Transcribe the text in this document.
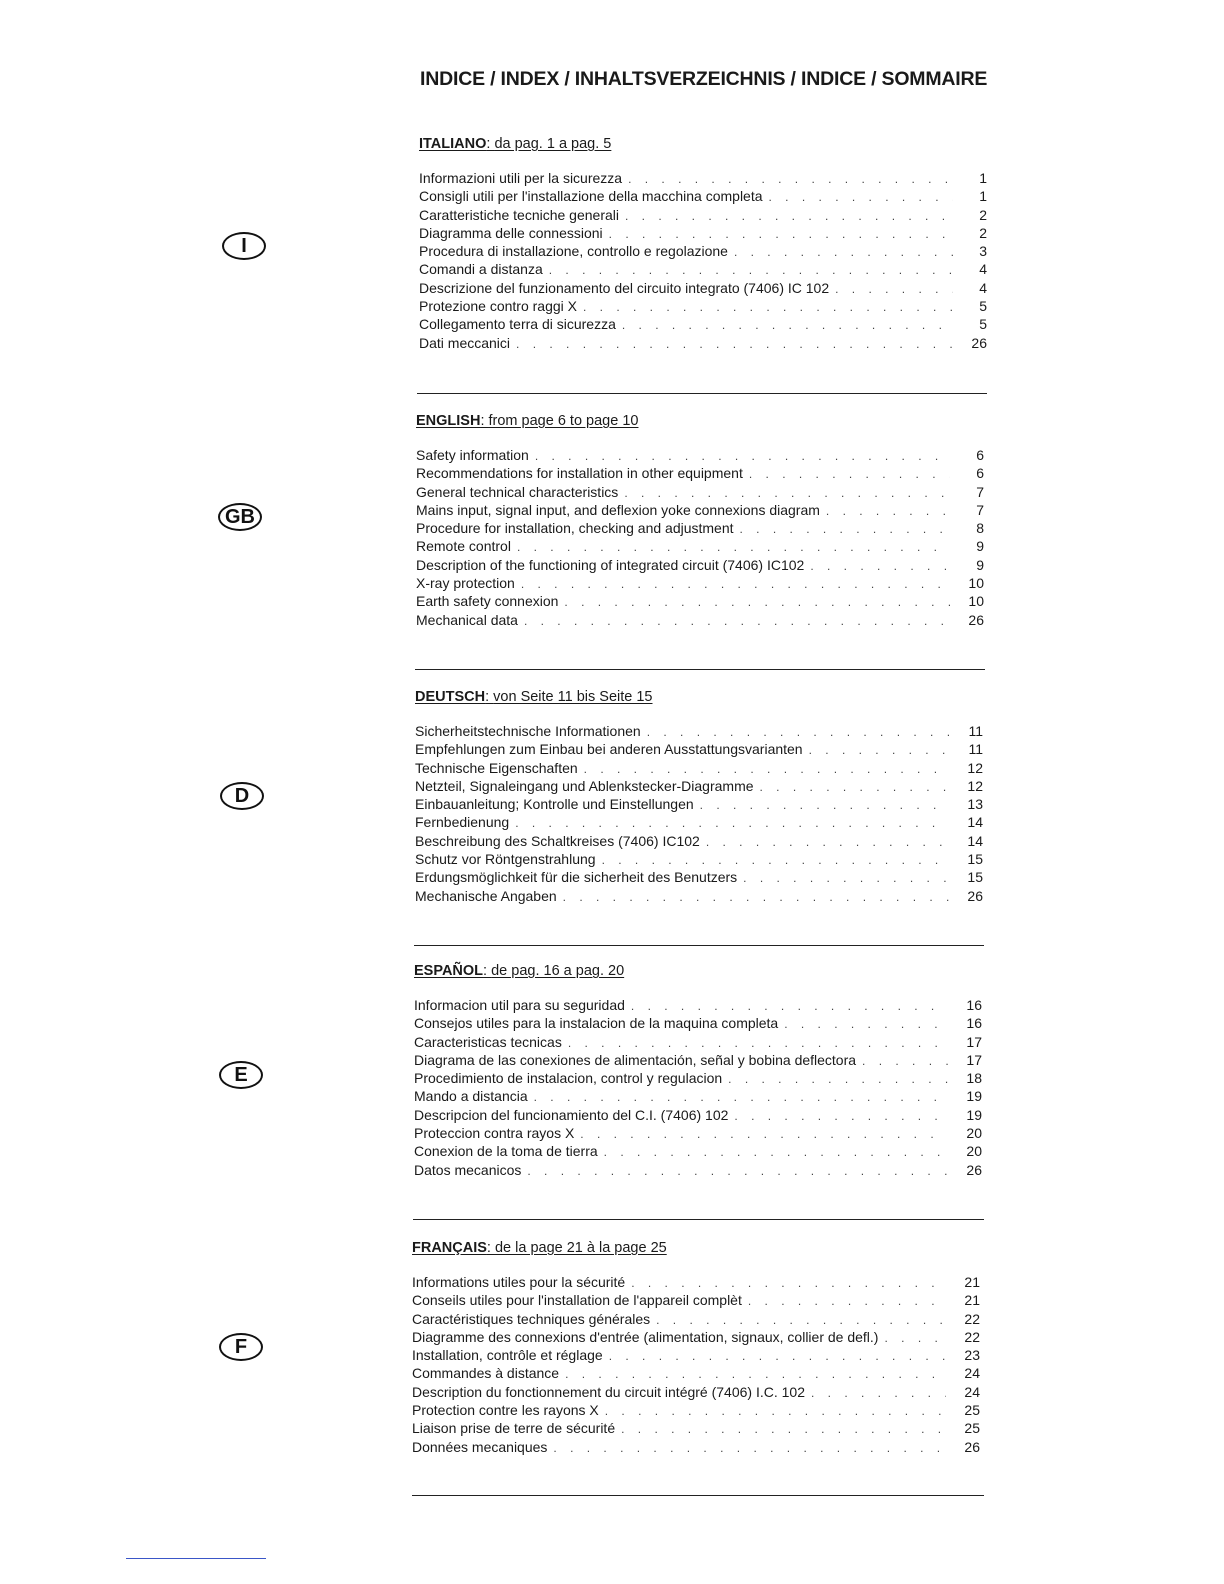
INDICE / INDEX / INHALTSVERZEICHNIS / INDICE / SOMMAIRE
I
ITALIANO: da pag. 1 a pag. 5
Informazioni utili per la sicurezza . . .	1
Consigli utili per l'installazione della macchina completa . . .	1
Caratteristiche tecniche generali . . .	2
Diagramma delle connessioni . . .	2
Procedura di installazione, controllo e regolazione . . .	3
Comandi a distanza . . .	4
Descrizione del funzionamento del circuito integrato (7406) IC 102 . . .	4
Protezione contro raggi X . . .	5
Collegamento terra di sicurezza . . .	5
Dati meccanici . . .	26
GB
ENGLISH: from page 6 to page 10
Safety information . . .	6
Recommendations for installation in other equipment . . .	6
General technical characteristics . . .	7
Mains input, signal input, and deflexion yoke connexions diagram . . .	7
Procedure for installation, checking and adjustment . . .	8
Remote control . . .	9
Description of the functioning of integrated circuit (7406) IC102 . . .	9
X-ray protection . . .	10
Earth safety connexion . . .	10
Mechanical data . . .	26
D
DEUTSCH: von Seite 11 bis Seite 15
Sicherheitstechnische Informationen . . .	11
Empfehlungen zum Einbau bei anderen Ausstattungsvarianten . . .	11
Technische Eigenschaften . . .	12
Netzteil, Signaleingang und Ablenkstecker-Diagramme . . .	12
Einbauanleitung; Kontrolle und Einstellungen . . .	13
Fernbedienung . . .	14
Beschreibung des Schaltkreises (7406) IC102 . . .	14
Schutz vor Röntgenstrahlung . . .	15
Erdungsmöglichkeit für die sicherheit des Benutzers . . .	15
Mechanische Angaben . . .	26
E
ESPAÑOL: de pag. 16 a pag. 20
Informacion util para su seguridad . . .	16
Consejos utiles para la instalacion de la maquina completa . . .	16
Caracteristicas tecnicas . . .	17
Diagrama de las conexiones de alimentación, señal y bobina deflectora . . .	17
Procedimiento de instalacion, control y regulacion . . .	18
Mando a distancia . . .	19
Descripcion del funcionamiento del C.I. (7406) 102 . . .	19
Proteccion contra rayos X . . .	20
Conexion de la toma de tierra . . .	20
Datos mecanicos . . .	26
F
FRANÇAIS: de la page 21 à la page 25
Informations utiles pour la sécurité . . .	21
Conseils utiles pour l'installation de l'appareil complèt . . .	21
Caractéristiques techniques générales . . .	22
Diagramme des connexions d'entrée (alimentation, signaux, collier de defl.) . . .	22
Installation, contrôle et réglage . . .	23
Commandes à distance . . .	24
Description du fonctionnement du circuit intégré (7406) I.C. 102 . . .	24
Protection contre les rayons X . . .	25
Liaison prise de terre de sécurité . . .	25
Données mecaniques . . .	26
